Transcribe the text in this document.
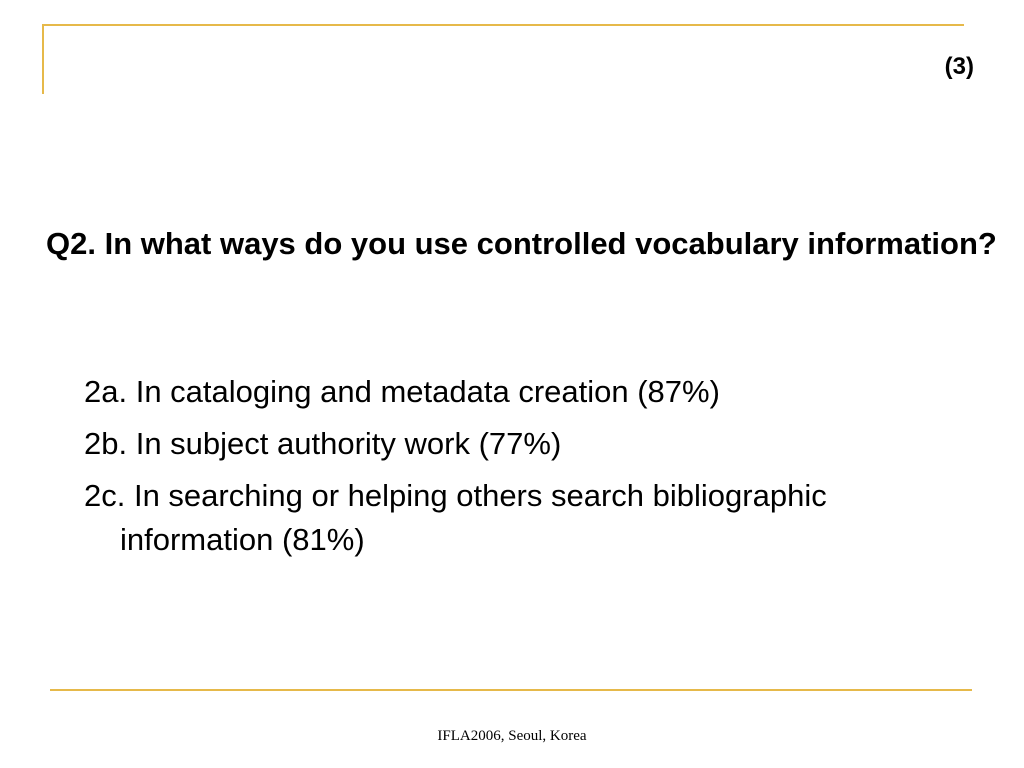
(3)
Q2. In what ways do you use controlled vocabulary information?
2a. In cataloging and metadata creation (87%)
2b. In subject authority work (77%)
2c. In searching or helping others search bibliographic information (81%)
IFLA2006, Seoul, Korea
